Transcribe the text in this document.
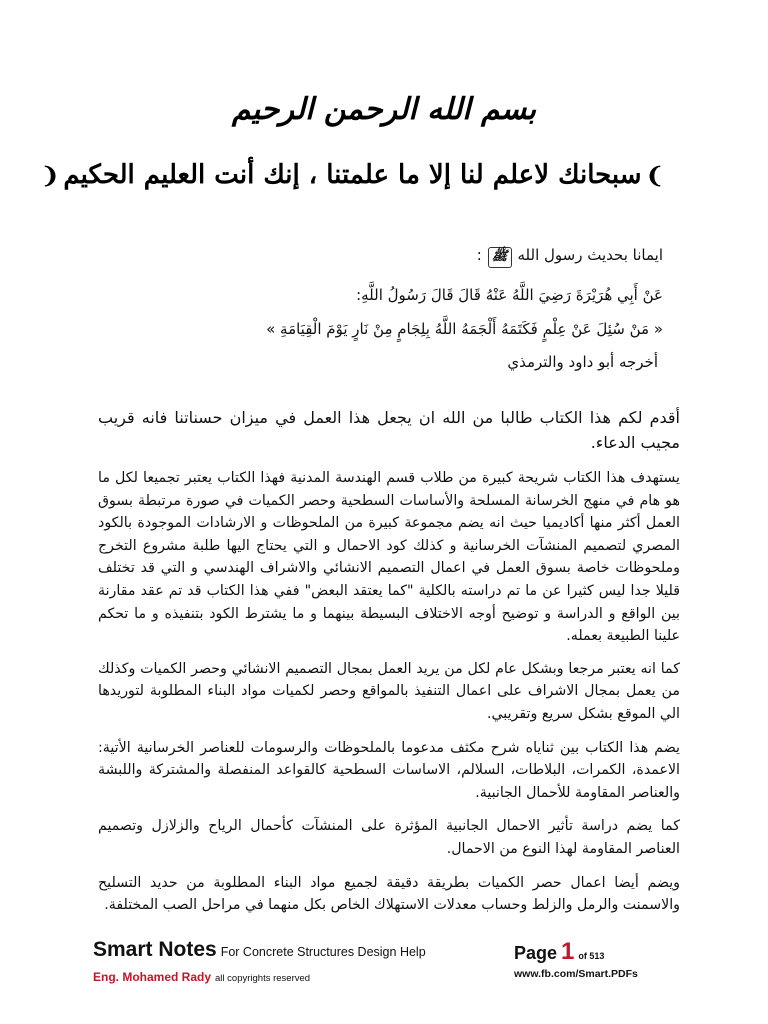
بسم الله الرحمن الرحيم
❩سبحانك لاعلم لنا إلا ما علمتنا ، إنك أنت العليم الحكيم❨
ايمانا بحديث رسول اللهﷺ:
عَنْ أَبِي هُرَيْرَةَ رَضِيَ اللَّهُ عَنْهُ قَالَ قَالَ رَسُولُ اللَّهِ:
« مَنْ سُئِلَ عَنْ عِلْمٍ فَكَتَمَهُ أَلْجَمَهُ اللَّهُ بِلِجَامٍ مِنْ نَارٍ يَوْمَ الْقِيَامَةِ »
أخرجه أبو داود والترمذي

أقدم لكم هذا الكتاب طالبا من الله ان يجعل هذا العمل في ميزان حسناتنا فانه قريب مجيب الدعاء.

يستهدف هذا الكتاب شريحة كبيرة من طلاب قسم الهندسة المدنية فهذا الكتاب يعتبر تجميعا لكل ما هو هام في منهج الخرسانة المسلحة والأساسات السطحية وحصر الكميات في صورة مرتبطة بسوق العمل أكثر منها أكاديميا حيث انه يضم مجموعة كبيرة من الملحوظات و الارشادات الموجودة بالكود المصري لتصميم المنشآت الخرسانية و كذلك كود الاحمال و التي يحتاج اليها طلبة مشروع التخرج وملحوظات خاصة بسوق العمل في اعمال التصميم الانشائي والاشراف الهندسي و التي قد تختلف قليلا جدا ليس كثيرا عن ما تم دراسته بالكلية "كما يعتقد البعض" ففي هذا الكتاب قد تم عقد مقارنة بين الواقع و الدراسة و توضيح أوجه الاختلاف البسيطة بينهما و ما يشترط الكود بتنفيذه و ما تحكم علينا الطبيعة بعمله.

كما انه يعتبر مرجعا وبشكل عام لكل من يريد العمل بمجال التصميم الانشائي وحصر الكميات وكذلك من يعمل بمجال الاشراف على اعمال التنفيذ بالمواقع وحصر لكميات مواد البناء المطلوبة لتوريدها الي الموقع بشكل سريع وتقريبي.

يضم هذا الكتاب بين ثناياه شرح مكثف مدعوما بالملحوظات والرسومات للعناصر الخرسانية الأتية: الاعمدة، الكمرات، البلاطات، السلالم، الاساسات السطحية كالقواعد المنفصلة والمشتركة واللبشة والعناصر المقاومة للأحمال الجانبية.

كما يضم دراسة تأثير الاحمال الجانبية المؤثرة على المنشآت كأحمال الرياح والزلازل وتصميم العناصر المقاومة لهذا النوع من الاحمال.

ويضم أيضا اعمال حصر الكميات بطريقة دقيقة لجميع مواد البناء المطلوبة من حديد التسليح والاسمنت والرمل والزلط وحساب معدلات الاستهلاك الخاص بكل منهما في مراحل الصب المختلفة.

Smart Notes For Concrete Structures Design Help
Eng. Mohamed Rady all copyrights reserved
Page 1 of 513
www.fb.com/Smart.PDFs
